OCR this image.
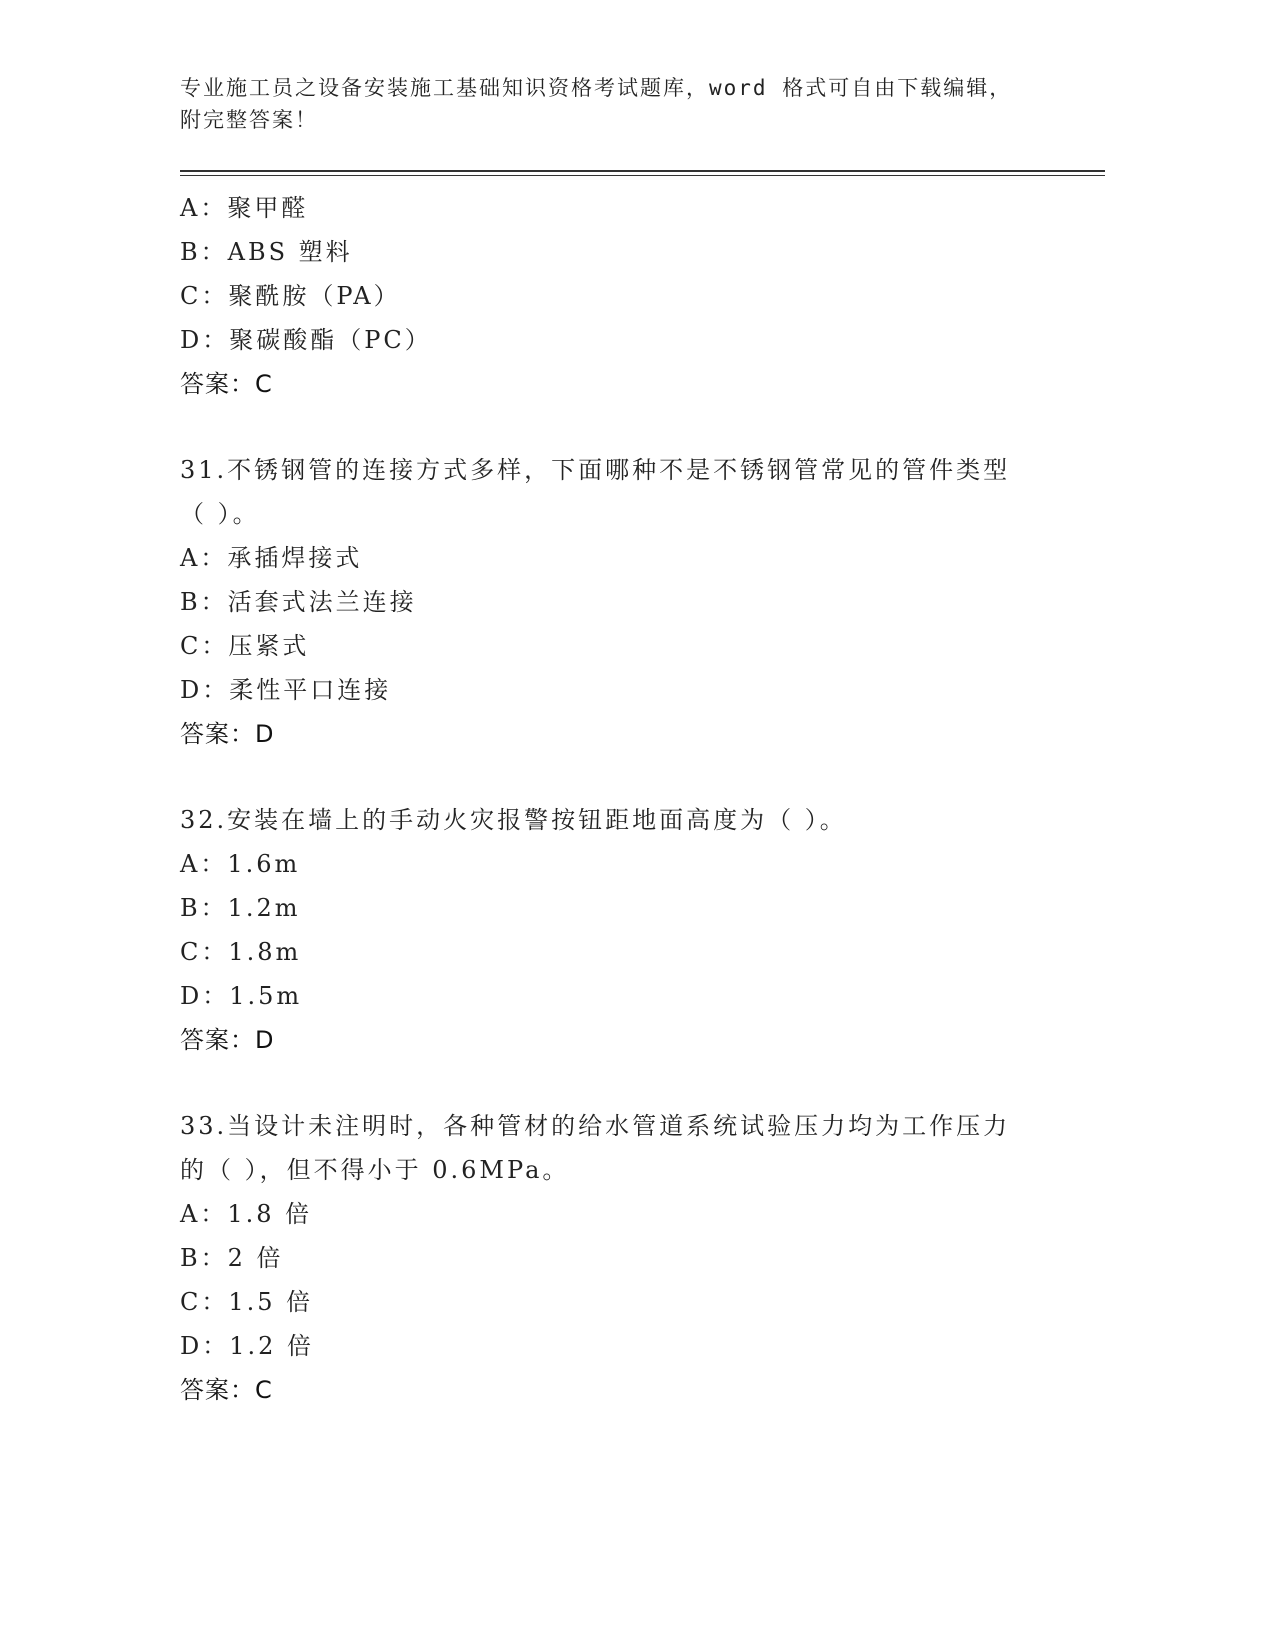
专业施工员之设备安装施工基础知识资格考试题库，word 格式可自由下载编辑，
附完整答案！
A：聚甲醛
B：ABS 塑料
C：聚酰胺（PA）
D：聚碳酸酯（PC）
答案：C
31.不锈钢管的连接方式多样，下面哪种不是不锈钢管常见的管件类型
（ ）。
A：承插焊接式
B：活套式法兰连接
C：压紧式
D：柔性平口连接
答案：D
32.安装在墙上的手动火灾报警按钮距地面高度为（ ）。
A：1.6m
B：1.2m
C：1.8m
D：1.5m
答案：D
33.当设计未注明时，各种管材的给水管道系统试验压力均为工作压力
的（ ），但不得小于 0.6MPa。
A：1.8 倍
B：2 倍
C：1.5 倍
D：1.2 倍
答案：C
